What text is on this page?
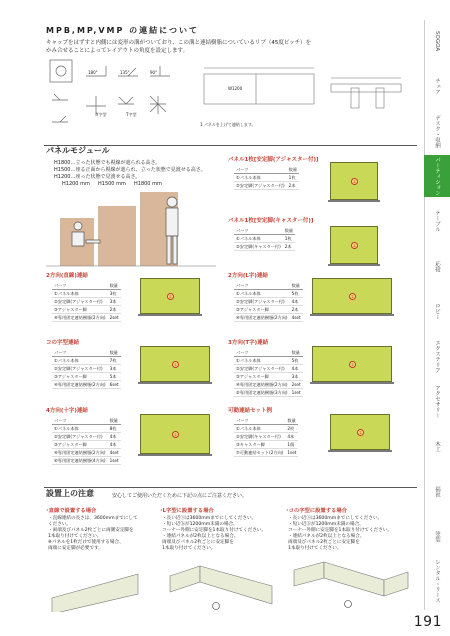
SOGOA
チェア
デスク・収納
パーティション
テーブル
応接
ロビー
エクステリア
アクセサリー
木工
福祉
塗装
レンタル・リース
191
MPB,MP,VMP の連結について
キャップをはずすと内側には変形の溝がついており、この溝と連結樹脂についているリブ（45度ピッチ）を
かみ合せることによってレイアウトの角度を設定します。
180°	135°	90°
Y字型	T字型
W1200
1 パネルを上げて連結します。
パネルモジュール
H1800…立った状態でも視線が遮られる高さ。
H1500…座る正面から視線が遮られ、立った状態で見渡せる高さ。
H1200…座った状態で見渡せる高さ。
H1200 mm H1500 mm H1800 mm
パネル1枚[安定脚(アジャスター付)]
パーツ	数量
①パネル本体	1枚
②安定脚(アジャスター付)	2本
①
パネル1枚[安定脚(キャスター付)]
パーツ	数量
①パネル本体	1枚
②安定脚(キャスター付)	2本	①
2方向(直線)連結
パーツ	数量
①パネル本体	3枚
②安定脚(アジャスター付)	3本
③アジャスター脚	2本
④専用固定連結樹脂(2方向)	2set
①
2方向(L字)連結
パーツ	数量
①パネル本体	5枚
②安定脚(アジャスター付)	4本
③アジャスター脚	2本
④専用固定連結樹脂(2方向)	4set
①
コの字型連結
パーツ	数量
①パネル本体	7枚
②安定脚(アジャスター付)	3本
③アジャスター脚	5本
④専用固定連結樹脂(2方向)	6set
①
3方向(T字)連結
パーツ	数量
①パネル本体	5枚
②安定脚(アジャスター付)	4本
③アジャスター脚	3本
④専用固定連結樹脂(2方向)	2set
⑤専用固定連結樹脂(3方向)	1set
①
4方向(十字)連結
パーツ	数量
①パネル本体	8枚
②安定脚(アジャスター付)	4本
③アジャスター脚	4本
④専用固定連結樹脂(2方向)	4set
⑥専用固定連結樹脂(4方向)	1set
①
可動連結セット例
パーツ	数量
①パネル本体	2枚
②安定脚(キャスター付)	4本
③キャスター脚	1個
⑦可動連結セット(2方向)	1set
①
設置上の注意	安心してご使用いただくために下記の点にご注意ください。
･直線で設置する場合
・直線連結の長さは、3600mmまでにして
ください。
・両端及びパネル2枚ごとに両側安定脚を
1本取り付けてください。
※パネルを1枚だけで使用する場合、
両端に安定脚が必要です。
･L字型に設置する場合
・長い辺ⓐは3600mmまでにしてください。
・短い辺ⓑが1200mm未満の場合、
コーナー外側に安定脚を1本取り付けてください。
・連結パネルが2枚以上となる場合、
両端及びパネル2枚ごとに安定脚を
1本取り付けてください。
･コの字型に設置する場合
・長い辺ⓐは3600mmまでにしてください。
・短い辺ⓑが1200mm未満の場合、
コーナー外側に安定脚を1本取り付けてください。
・連結パネルが2枚以上となる場合、
両端及びパネル2枚ごとに安定脚を
1本取り付けてください。
